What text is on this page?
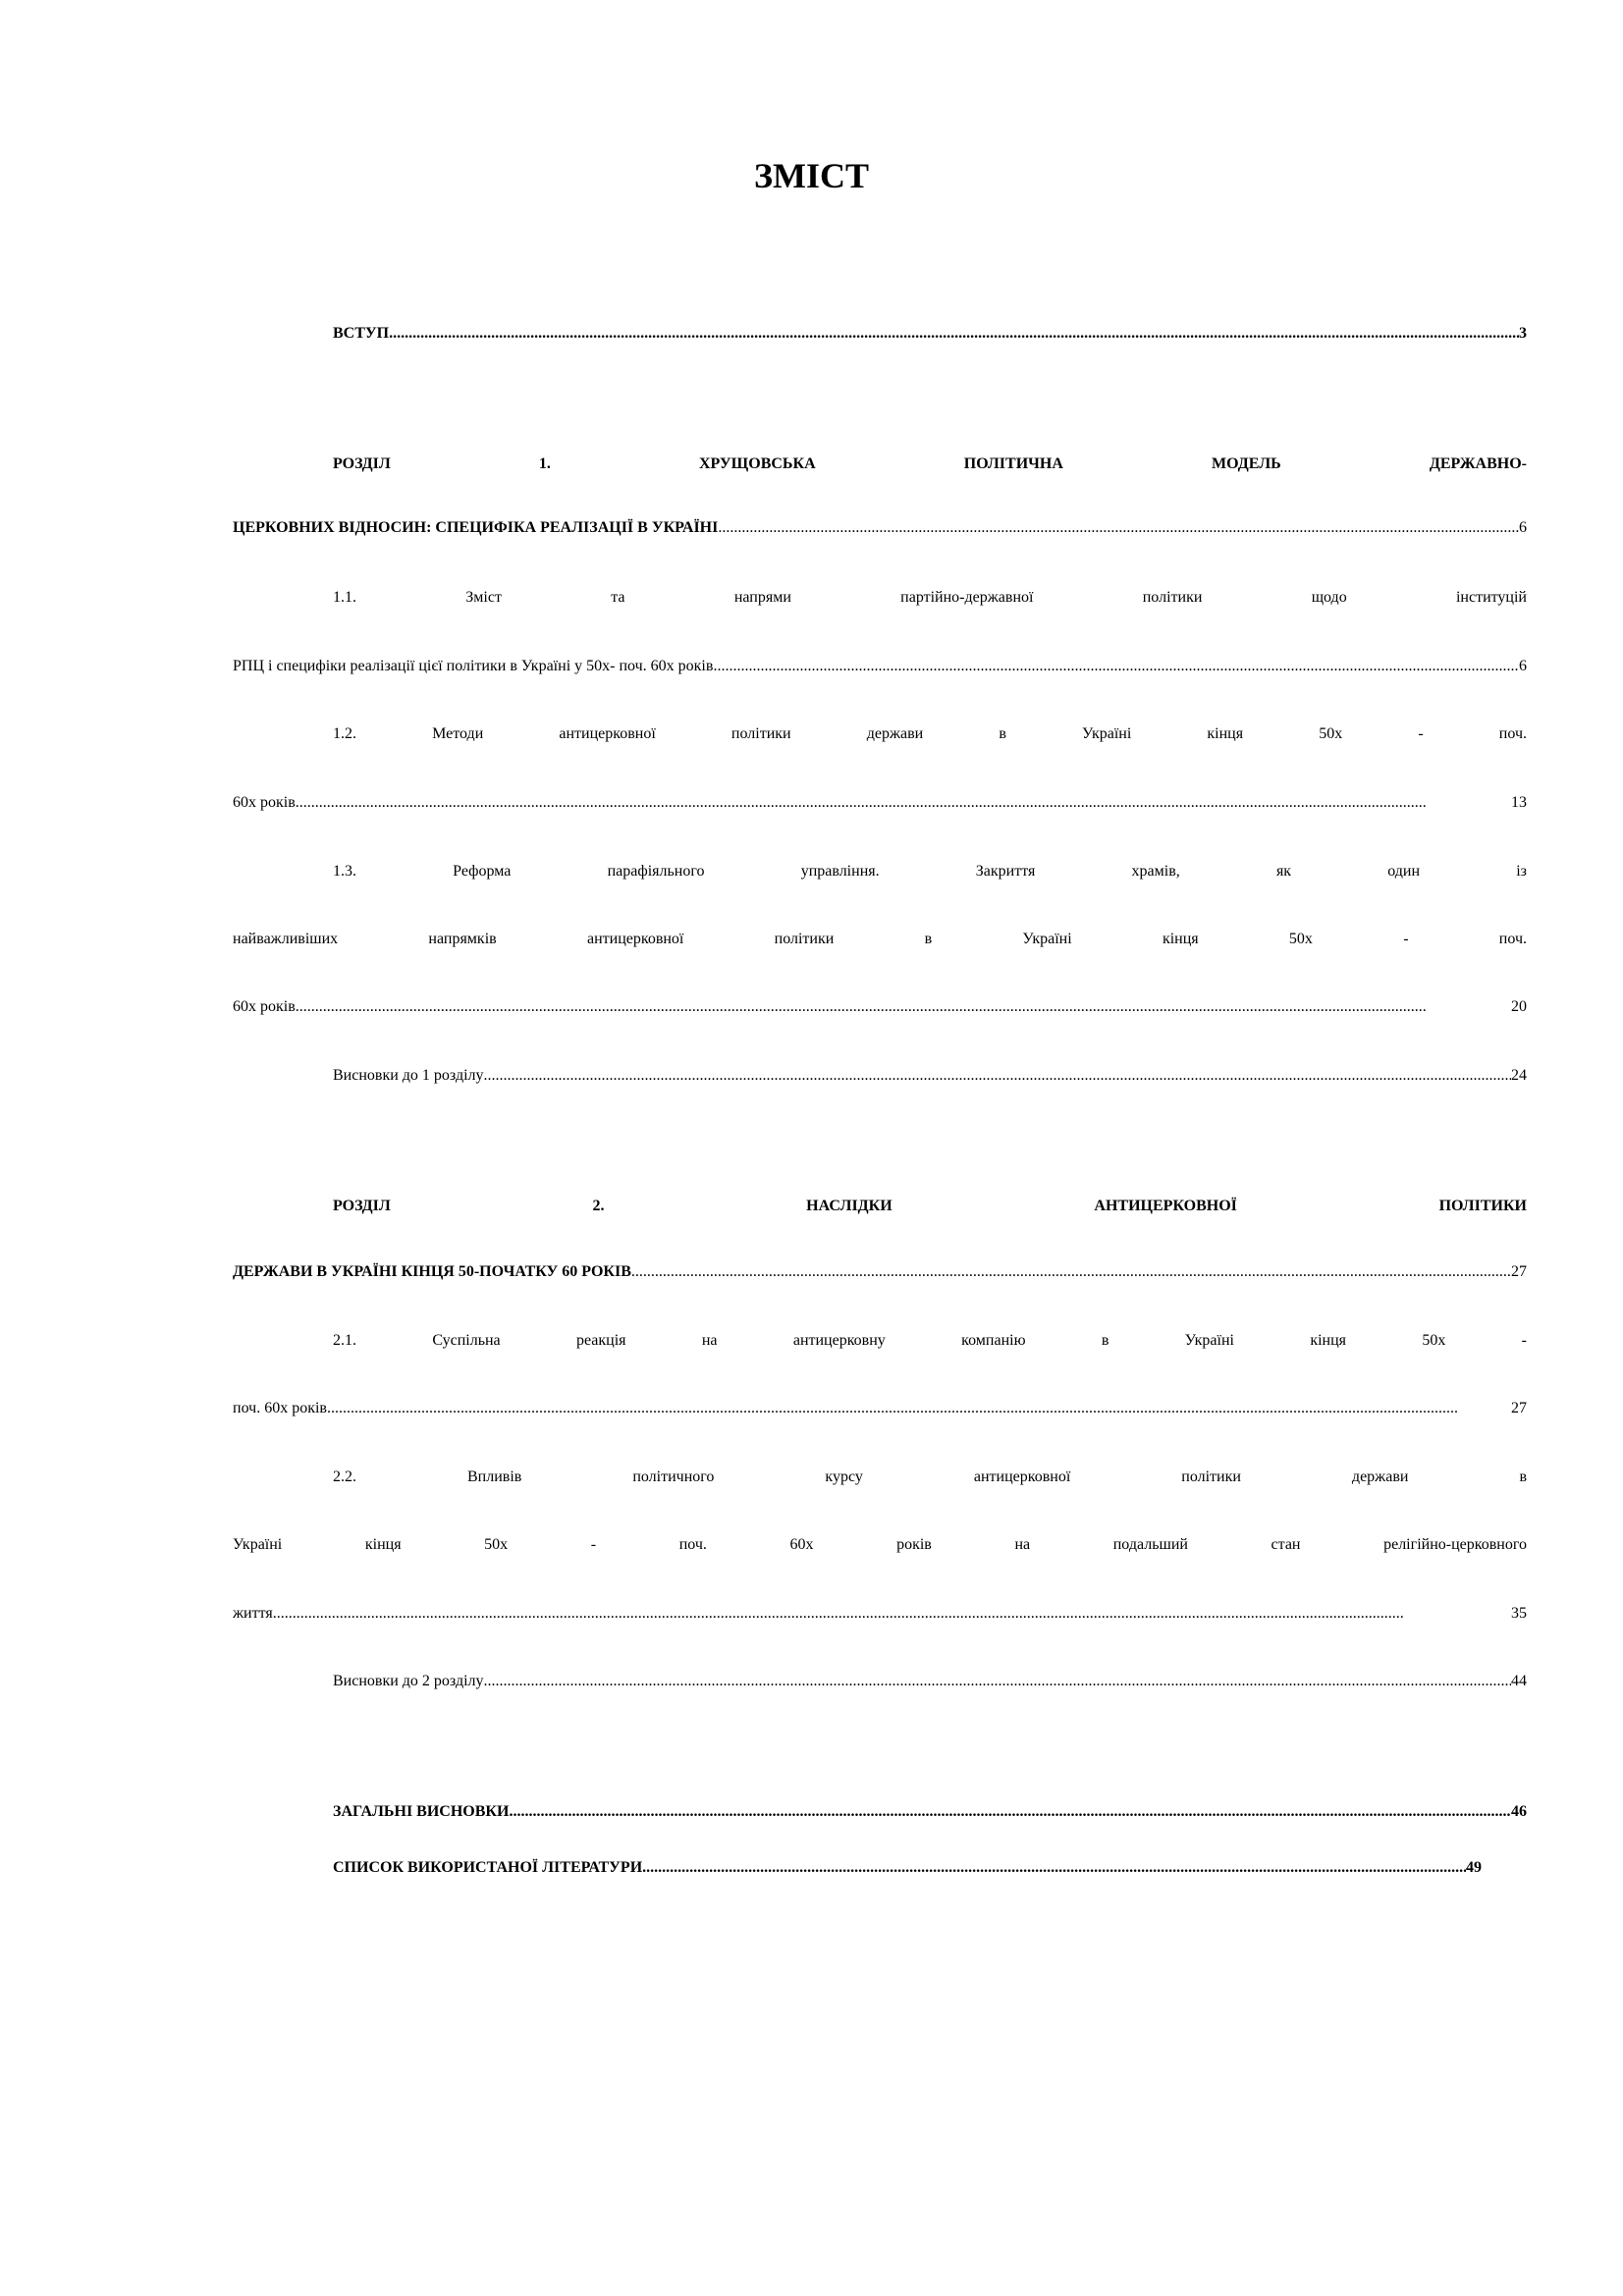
ЗМІСТ
ВСТУП .....	3
РОЗДІЛ 1. ХРУЩОВСЬКА ПОЛІТИЧНА МОДЕЛЬ ДЕРЖАВНО-
ЦЕРКОВНИХ ВІДНОСИН: СПЕЦИФІКА РЕАЛІЗАЦІЇ В УКРАЇНІ .....	6
1.1. Зміст та напрями партійно-державної політики щодо інституцій
РПЦ і специфіки реалізації цієї політики в Україні у 50х- поч. 60х років .....	6
1.2. Методи антицерковної політики держави в Україні кінця 50х - поч.
60х років .....	13
1.3. Реформа парафіяльного управління. Закриття храмів, як один із
найважливіших напрямків антицерковної політики в Україні кінця 50х - поч.
60х років .....	20
Висновки до 1 розділу .....	24
РОЗДІЛ 2. НАСЛІДКИ АНТИЦЕРКОВНОЇ ПОЛІТИКИ
ДЕРЖАВИ В УКРАЇНІ КІНЦЯ 50-ПОЧАТКУ 60 РОКІВ .....	27
2.1. Суспільна реакція на антицерковну компанію в Україні кінця 50х -
поч. 60х років .....	27
2.2. Впливів політичного курсу антицерковної політики держави в
Україні кінця 50х - поч. 60х років на подальший стан релігійно-церковного
життя .....	35
Висновки до 2 розділу .....	44
ЗАГАЛЬНІ ВИСНОВКИ .....	46
СПИСОК ВИКОРИСТАНОЇ ЛІТЕРАТУРИ .....	49
